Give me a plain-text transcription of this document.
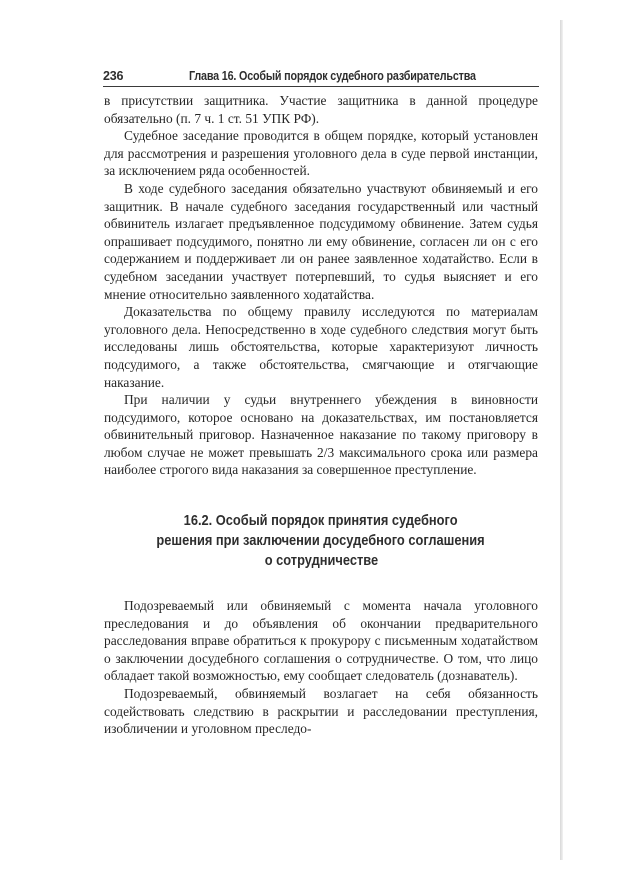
236	Глава 16. Особый порядок судебного разбирательства

в присутствии защитника. Участие защитника в данной процедуре обязательно (п. 7 ч. 1 ст. 51 УПК РФ).

Судебное заседание проводится в общем порядке, который установлен для рассмотрения и разрешения уголовного дела в суде первой инстанции, за исключением ряда особенностей.

В ходе судебного заседания обязательно участвуют обвиняемый и его защитник. В начале судебного заседания государственный или частный обвинитель излагает предъявленное подсудимому обвинение. Затем судья опрашивает подсудимого, понятно ли ему обвинение, согласен ли он с его содержанием и поддерживает ли он ранее заявленное ходатайство. Если в судебном заседании участвует потерпевший, то судья выясняет и его мнение относительно заявленного ходатайства.

Доказательства по общему правилу исследуются по материалам уголовного дела. Непосредственно в ходе судебного следствия могут быть исследованы лишь обстоятельства, которые характеризуют личность подсудимого, а также обстоятельства, смягчающие и отягчающие наказание.

При наличии у судьи внутреннего убеждения в виновности подсудимого, которое основано на доказательствах, им постановляется обвинительный приговор. Назначенное наказание по такому приговору в любом случае не может превышать 2/3 максимального срока или размера наиболее строгого вида наказания за совершенное преступление.

16.2. Особый порядок принятия судебного
решения при заключении досудебного соглашения
о сотрудничестве

Подозреваемый или обвиняемый с момента начала уголовного преследования и до объявления об окончании предварительного расследования вправе обратиться к прокурору с письменным ходатайством о заключении досудебного соглашения о сотрудничестве. О том, что лицо обладает такой возможностью, ему сообщает следователь (дознаватель).

Подозреваемый, обвиняемый возлагает на себя обязанность содействовать следствию в раскрытии и расследовании преступления, изобличении и уголовном преследо-
